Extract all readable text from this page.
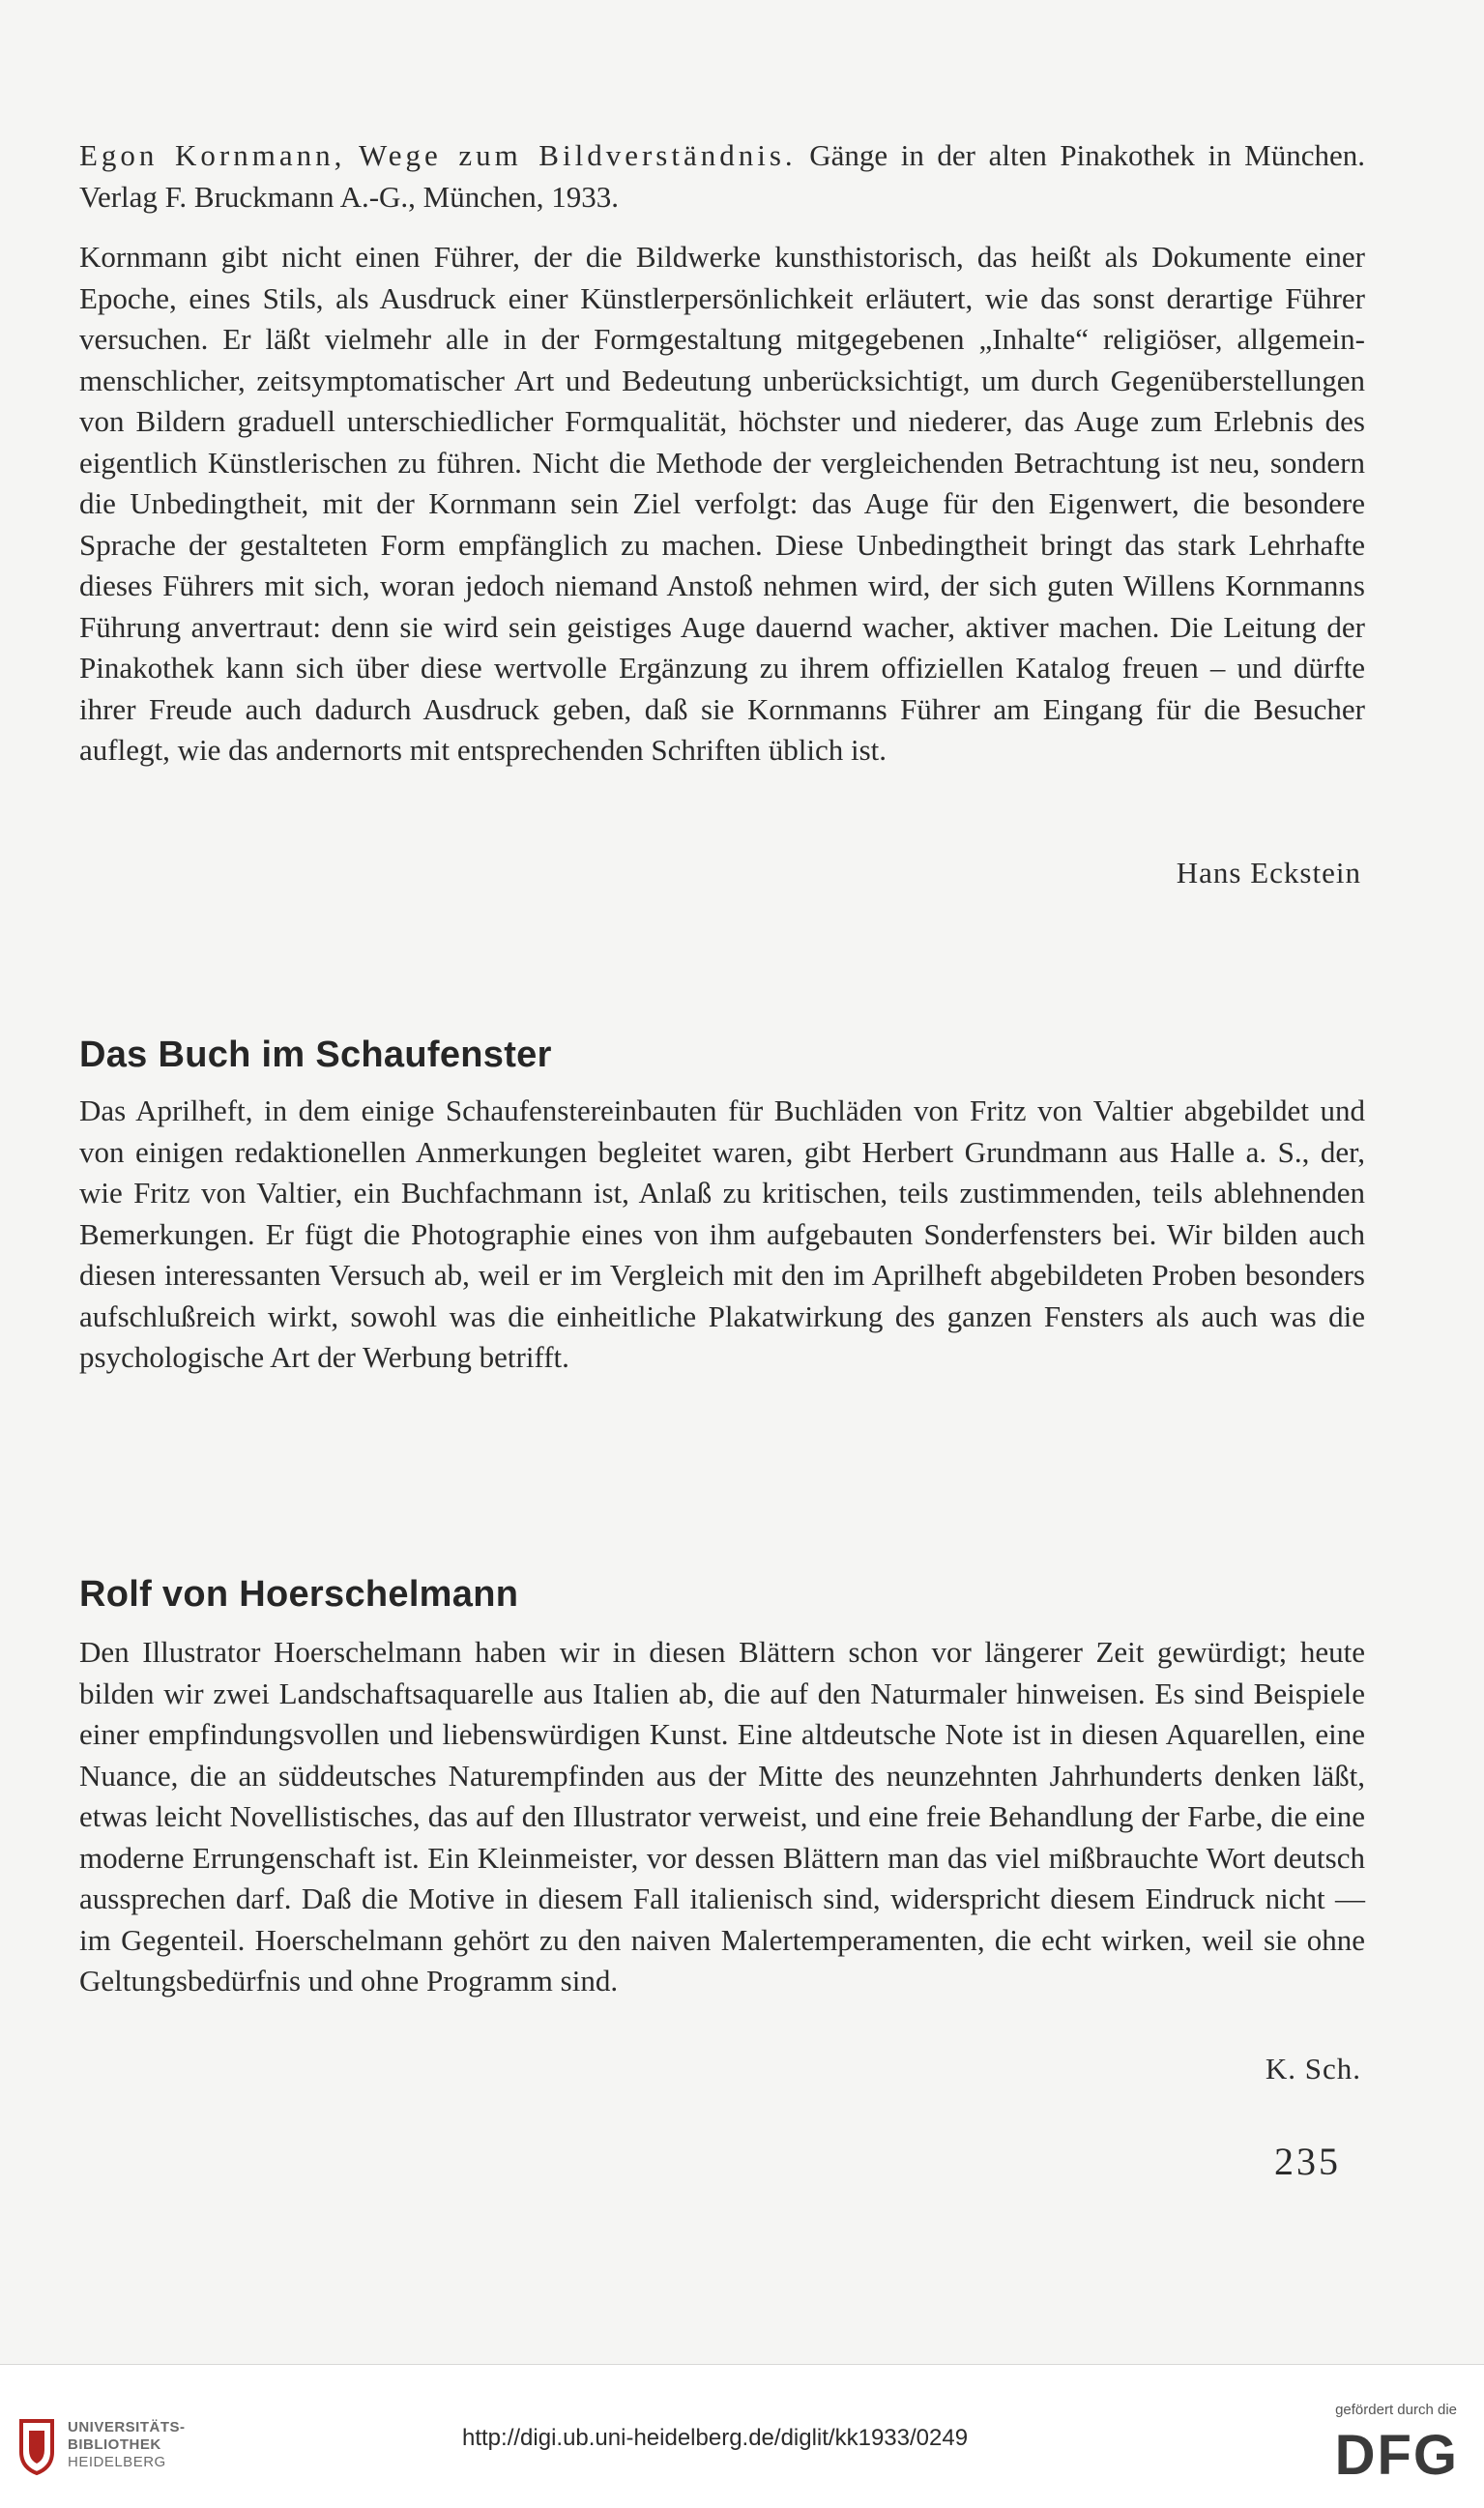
Egon Kornmann, Wege zum Bildverständnis. Gänge in der alten Pinakothek in München. Verlag F. Bruckmann A.-G., München, 1933.

Kornmann gibt nicht einen Führer, der die Bildwerke kunsthistorisch, das heißt als Dokumente einer Epoche, eines Stils, als Ausdruck einer Künstlerpersönlichkeit erläutert, wie das sonst derartige Führer versuchen. Er läßt vielmehr alle in der Formgestaltung mitgegebenen „Inhalte“ religiöser, allgemein-menschlicher, zeitsymptomatischer Art und Bedeutung unberücksichtigt, um durch Gegenüberstellungen von Bildern graduell unterschiedlicher Formqualität, höchster und niederer, das Auge zum Erlebnis des eigentlich Künstlerischen zu führen. Nicht die Methode der vergleichenden Betrachtung ist neu, sondern die Unbedingtheit, mit der Kornmann sein Ziel verfolgt: das Auge für den Eigenwert, die besondere Sprache der gestalteten Form empfänglich zu machen. Diese Unbedingtheit bringt das stark Lehrhafte dieses Führers mit sich, woran jedoch niemand Anstoß nehmen wird, der sich guten Willens Kornmanns Führung anvertraut: denn sie wird sein geistiges Auge dauernd wacher, aktiver machen. Die Leitung der Pinakothek kann sich über diese wertvolle Ergänzung zu ihrem offiziellen Katalog freuen – und dürfte ihrer Freude auch dadurch Ausdruck geben, daß sie Kornmanns Führer am Eingang für die Besucher auflegt, wie das andernorts mit entsprechenden Schriften üblich ist.

Hans Eckstein
Das Buch im Schaufenster

Das Aprilheft, in dem einige Schaufenstereinbauten für Buchläden von Fritz von Valtier abgebildet und von einigen redaktionellen Anmerkungen begleitet waren, gibt Herbert Grundmann aus Halle a. S., der, wie Fritz von Valtier, ein Buchfachmann ist, Anlaß zu kritischen, teils zustimmenden, teils ablehnenden Bemerkungen. Er fügt die Photographie eines von ihm aufgebauten Sonderfensters bei. Wir bilden auch diesen interessanten Versuch ab, weil er im Vergleich mit den im Aprilheft abgebildeten Proben besonders aufschlußreich wirkt, sowohl was die einheitliche Plakatwirkung des ganzen Fensters als auch was die psychologische Art der Werbung betrifft.

Rolf von Hoerschelmann

Den Illustrator Hoerschelmann haben wir in diesen Blättern schon vor längerer Zeit gewürdigt; heute bilden wir zwei Landschaftsaquarelle aus Italien ab, die auf den Naturmaler hinweisen. Es sind Beispiele einer empfindungsvollen und liebenswürdigen Kunst. Eine altdeutsche Note ist in diesen Aquarellen, eine Nuance, die an süddeutsches Naturempfinden aus der Mitte des neunzehnten Jahrhunderts denken läßt, etwas leicht Novellistisches, das auf den Illustrator verweist, und eine freie Behandlung der Farbe, die eine moderne Errungenschaft ist. Ein Kleinmeister, vor dessen Blättern man das viel mißbrauchte Wort deutsch aussprechen darf. Daß die Motive in diesem Fall italienisch sind, widerspricht diesem Eindruck nicht — im Gegenteil. Hoerschelmann gehört zu den naiven Malertemperamenten, die echt wirken, weil sie ohne Geltungsbedürfnis und ohne Programm sind.

K. Sch.
235
UNIVERSITÄTS-
BIBLIOTHEK
HEIDELBERG
http://digi.ub.uni-heidelberg.de/diglit/kk1933/0249
gefördert durch die
DFG
